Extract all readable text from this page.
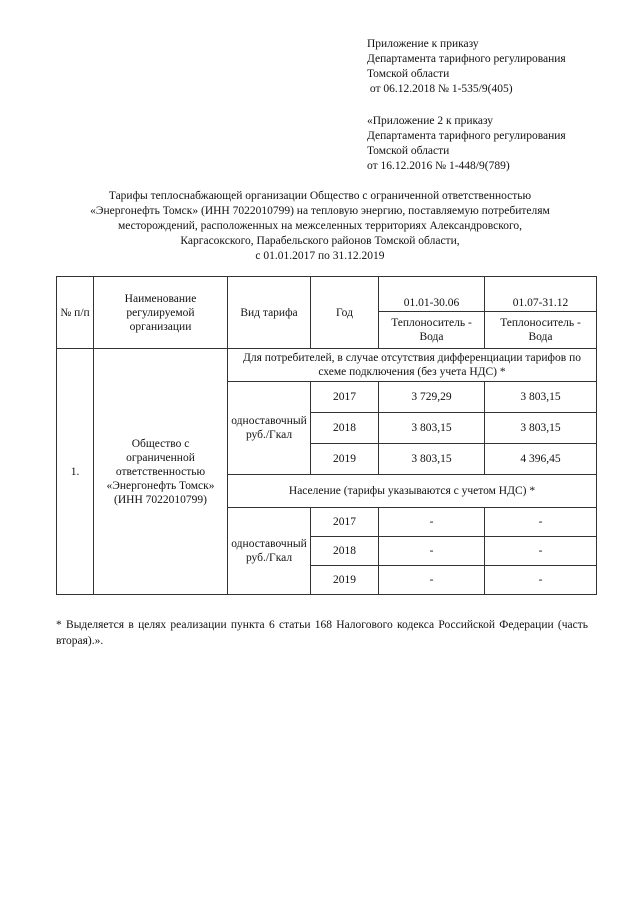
Приложение к приказу
Департамента тарифного регулирования
Томской области
от 06.12.2018 № 1-535/9(405)
«Приложение 2 к приказу
Департамента тарифного регулирования
Томской области
от 16.12.2016 № 1-448/9(789)
Тарифы теплоснабжающей организации Общество с ограниченной ответственностью
«Энергонефть Томск» (ИНН 7022010799) на тепловую энергию, поставляемую потребителям
месторождений, расположенных на межселенных территориях Александровского,
Каргасокского, Парабельского районов Томской области,
с 01.01.2017 по 31.12.2019
№ п/п	Наименование регулируемой организации	Вид тарифа	Год	01.01-30.06	01.07-31.12
				Теплоноситель - Вода	Теплоноситель - Вода
1.	Общество с ограниченной ответственностью «Энергонефть Томск» (ИНН 7022010799)	Для потребителей, в случае отсутствия дифференциации тарифов по схеме подключения (без учета НДС) *			
		одноставочный руб./Гкал	2017	3 729,29	3 803,15
			2018	3 803,15	3 803,15
			2019	3 803,15	4 396,45
		Население (тарифы указываются с учетом НДС) *			
		одноставочный руб./Гкал	2017	-	-
			2018	-	-
			2019	-	-
* Выделяется в целях реализации пункта 6 статьи 168 Налогового кодекса Российской Федерации (часть вторая).».
